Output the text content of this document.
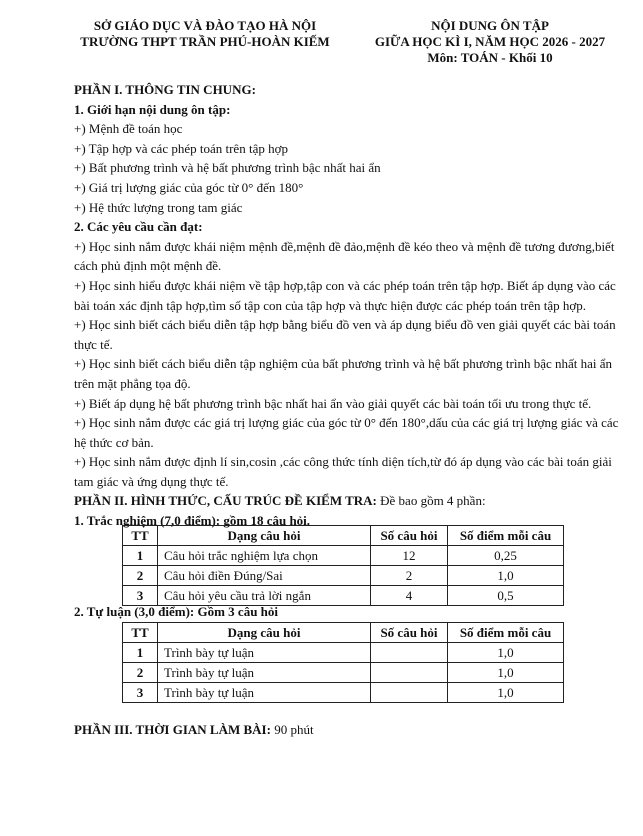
SỞ GIÁO DỤC VÀ ĐÀO TẠO HÀ NỘI
TRƯỜNG THPT TRẦN PHÚ-HOÀN KIẾM
NỘI DUNG ÔN TẬP
GIỮA HỌC KÌ I, NĂM HỌC 2026 - 2027
Môn: TOÁN - Khối 10

PHẦN I. THÔNG TIN CHUNG:

1. Giới hạn nội dung ôn tập:

+) Mệnh đề toán học

+) Tập hợp và các phép toán trên tập hợp

+) Bất phương trình và hệ bất phương trình bậc nhất hai ẩn

+) Giá trị lượng giác của góc từ 0° đến 180°

+) Hệ thức lượng trong tam giác

2. Các yêu cầu cần đạt:

+) Học sinh nắm được khái niệm mệnh đề,mệnh đề đảo,mệnh đề kéo theo và mệnh đề tương đương,biết cách phủ định một mệnh đề.

+) Học sinh hiểu được khái niệm về tập hợp,tập con và các phép toán trên tập hợp. Biết áp dụng vào các bài toán xác định tập hợp,tìm số tập con của tập hợp và thực hiện được các phép toán trên tập hợp.

+) Học sinh biết cách biểu diễn tập hợp bằng biểu đồ ven và áp dụng biểu đồ ven giải quyết các bài toán thực tế.

+) Học sinh biết cách biểu diễn tập nghiệm của bất phương trình và hệ bất phương trình bậc nhất hai ẩn trên mặt phẳng tọa độ.

+) Biết áp dụng hệ bất phương trình bậc nhất hai ẩn vào giải quyết các bài toán tối ưu trong thực tế.

+) Học sinh nắm được các giá trị lượng giác của góc từ 0° đến 180°,dấu của các giá trị lượng giác và các hệ thức cơ bản.

+) Học sinh nắm được định lí sin,cosin ,các công thức tính diện tích,từ đó áp dụng vào các bài toán giải tam giác và ứng dụng thực tế.

PHẦN II. HÌNH THỨC, CẤU TRÚC ĐỀ KIỂM TRA: Đề bao gồm 4 phần:

1. Trắc nghiệm (7,0 điểm): gồm 18 câu hỏi.

TT	Dạng câu hỏi	Số câu hỏi	Số điểm mỗi câu
1	Câu hỏi trắc nghiệm lựa chọn	12	0,25
2	Câu hỏi điền Đúng/Sai	2	1,0
3	Câu hỏi yêu cầu trả lời ngắn	4	0,5
2. Tự luận (3,0 điểm): Gồm 3 câu hỏi
TT	Dạng câu hỏi	Số câu hỏi	Số điểm mỗi câu
1	Trình bày tự luận		1,0
2	Trình bày tự luận		1,0
3	Trình bày tự luận		1,0
PHẦN III. THỜI GIAN LÀM BÀI: 90 phút
